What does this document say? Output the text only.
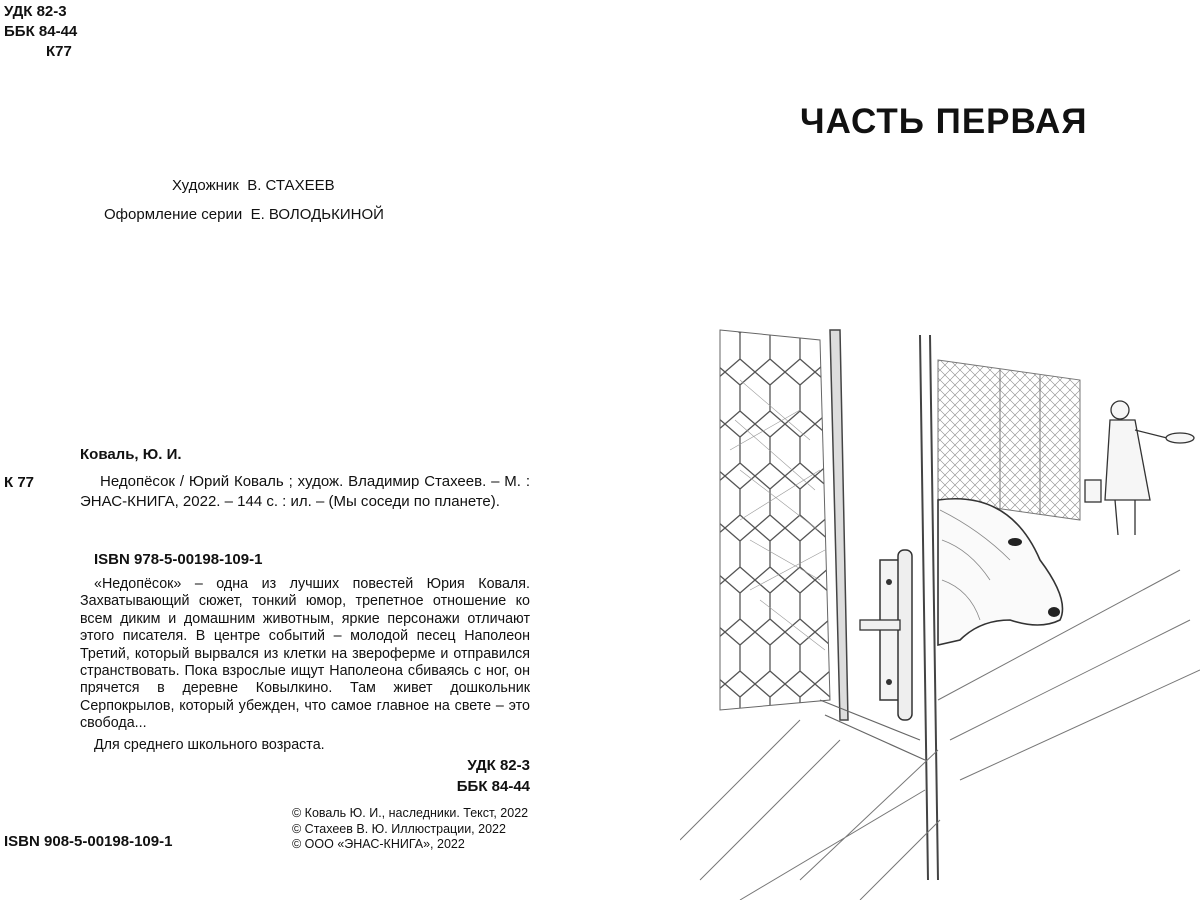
УДК 82-3
ББК 84-44
К77
Художник В. СТАХЕЕВ
Оформление серии Е. ВОЛОДЬКИНОЙ
Коваль, Ю. И.
К 77	Недопёсок / Юрий Коваль ; худож. Владимир Стахеев. – М. : ЭНАС-КНИГА, 2022. – 144 с. : ил. – (Мы соседи по планете).
ISBN 978-5-00198-109-1

«Недопёсок» – одна из лучших повестей Юрия Коваля. Захватывающий сюжет, тонкий юмор, трепетное отношение ко всем диким и домашним животным, яркие персонажи отличают этого писателя. В центре событий – молодой песец Наполеон Третий, который вырвался из клетки на звероферме и отправился странствовать. Пока взрослые ищут Наполеона сбиваясь с ног, он прячется в деревне Ковылкино. Там живет дошкольник Серпокрылов, который убежден, что самое главное на свете – это свобода...

Для среднего школьного возраста.
УДК 82-3
ББК 84-44
© Коваль Ю. И., наследники. Текст, 2022
© Стахеев В. Ю. Иллюстрации, 2022
© ООО «ЭНАС-КНИГА», 2022
ISBN 908-5-00198-109-1
ЧАСТЬ ПЕРВАЯ
